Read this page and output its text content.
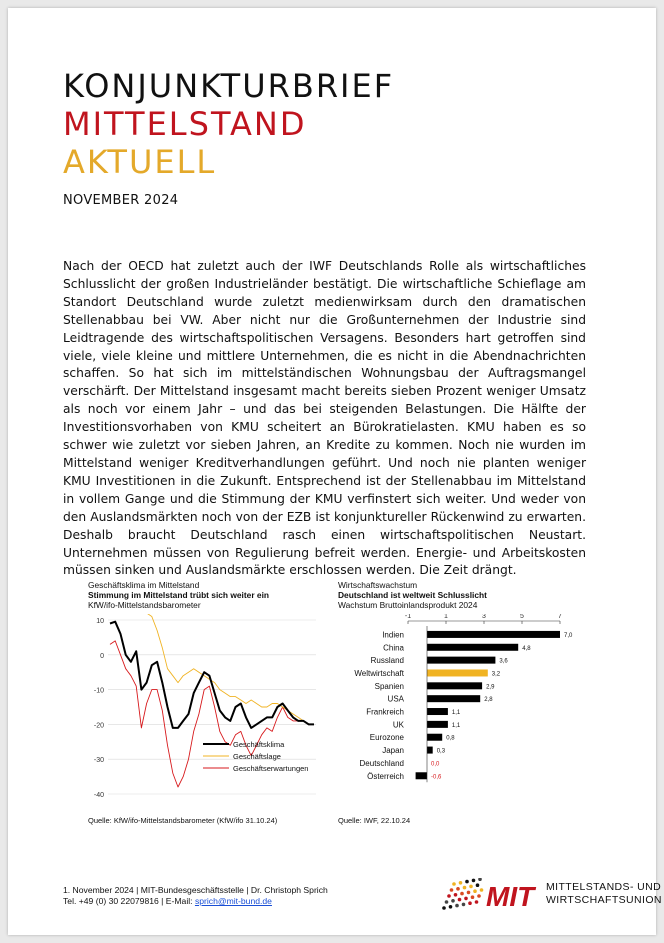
KONJUNKTURBRIEF
MITTELSTAND
AKTUELL
NOVEMBER 2024

Nach der OECD hat zuletzt auch der IWF Deutschlands Rolle als wirtschaftliches Schlusslicht der großen Industrieländer bestätigt. Die wirtschaftliche Schieflage am Standort Deutschland wurde zuletzt medienwirksam durch den dramatischen Stellenabbau bei VW. Aber nicht nur die Großunternehmen der Industrie sind Leidtragende des wirtschaftspolitischen Versagens. Besonders hart getroffen sind viele, viele kleine und mittlere Unternehmen, die es nicht in die Abendnachrichten schaffen. So hat sich im mittelständischen Wohnungsbau der Auftragsmangel verschärft. Der Mittelstand insgesamt macht bereits sieben Prozent weniger Umsatz als noch vor einem Jahr – und das bei steigenden Belastungen. Die Hälfte der Investitionsvorhaben von KMU scheitert an Bürokratielasten. KMU haben es so schwer wie zuletzt vor sieben Jahren, an Kredite zu kommen. Noch nie wurden im Mittelstand weniger Kreditverhandlungen geführt. Und noch nie planten weniger KMU Investitionen in die Zukunft. Entsprechend ist der Stellenabbau im Mittelstand in vollem Gange und die Stimmung der KMU verfinstert sich weiter. Und weder von den Auslandsmärkten noch von der EZB ist konjunktureller Rückenwind zu erwarten. Deshalb braucht Deutschland rasch einen wirtschaftspolitischen Neustart. Unternehmen müssen von Regulierung befreit werden. Energie- und Arbeitskosten müssen sinken und Auslandsmärkte erschlossen werden. Die Zeit drängt.

Geschäftsklima im Mittelstand
Stimmung im Mittelstand trübt sich weiter ein
KfW/ifo-Mittelstandsbarometer
10
0
-10
-20
-30
-40
Geschäftsklima
Geschäftslage
Geschäftserwartungen
Quelle: KfW/ifo-Mittelstandsbarometer (KfW/ifo 31.10.24)
Wirtschaftswachstum
Deutschland ist weltweit Schlusslicht
Wachstum Bruttoinlandsprodukt 2024
-1	1	3	5	7
Indien	7,0
China	4,8
Russland	3,6
Weltwirtschaft	3,2
Spanien	2,9
USA	2,8
Frankreich	1,1
UK	1,1
Eurozone	0,8
Japan	0,3
Deutschland	0,0
Österreich	-0,6
Quelle: IWF, 22.10.24
1. November 2024 | MIT-Bundesgeschäftsstelle | Dr. Christoph Sprich
Tel. +49 (0) 30 22079816 | E-Mail: sprich@mit-bund.de	MIT MITTELSTANDS- UND
WIRTSCHAFTSUNION
